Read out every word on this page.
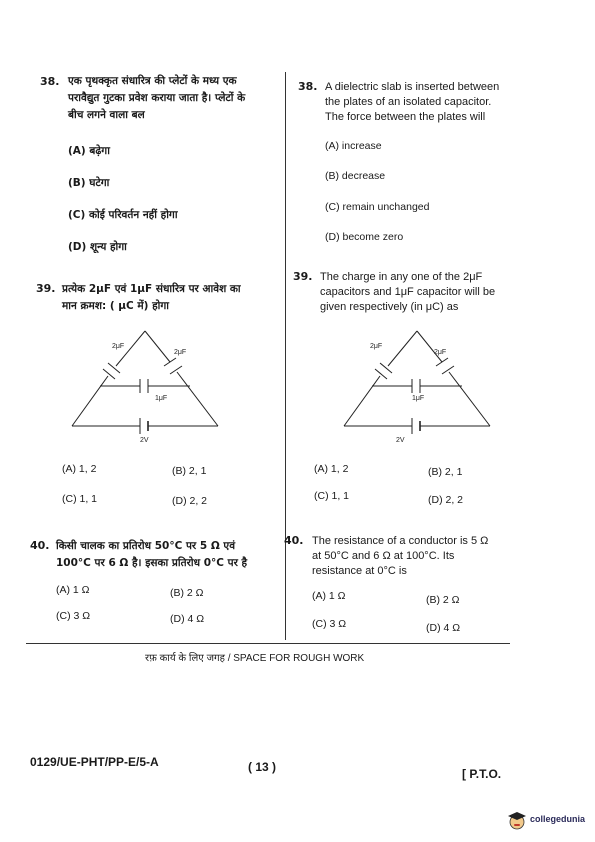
38. एक पृथक्कृत संधारित्र की प्लेटों के मध्य एक
परावैद्युत गुटका प्रवेश कराया जाता है। प्लेटों के
बीच लगने वाला बल
(A) बढ़ेगा
(B) घटेगा
(C) कोई परिवर्तन नहीं होगा
(D) शून्य होगा
38. A dielectric slab is inserted between
the plates of an isolated capacitor.
The force between the plates will
(A) increase
(B) decrease
(C) remain unchanged
(D) become zero
39. प्रत्येक 2μF एवं 1μF संधारित्र पर आवेश का
मान क्रमश: ( μC में) होगा
2μF
2μF
1μF
2V
(A) 1, 2	(B) 2, 1
(C) 1, 1	(D) 2, 2
39. The charge in any one of the 2μF
capacitors and 1μF capacitor will be
given respectively (in μC) as
2μF
2μF
1μF
2V
(A) 1, 2	(B) 2, 1
(C) 1, 1	(D) 2, 2
40. किसी चालक का प्रतिरोध 50°C पर 5 Ω एवं
100°C पर 6 Ω है। इसका प्रतिरोध 0°C पर है
(A) 1 Ω	(B) 2 Ω
(C) 3 Ω	(D) 4 Ω
40. The resistance of a conductor is 5 Ω
at 50°C and 6 Ω at 100°C. Its
resistance at 0°C is
(A) 1 Ω	(B) 2 Ω
(C) 3 Ω	(D) 4 Ω
रफ़ कार्य के लिए जगह / SPACE FOR ROUGH WORK
0129/UE-PHT/PP-E/5-A	( 13 )	[ P.T.O.
collegedunia
